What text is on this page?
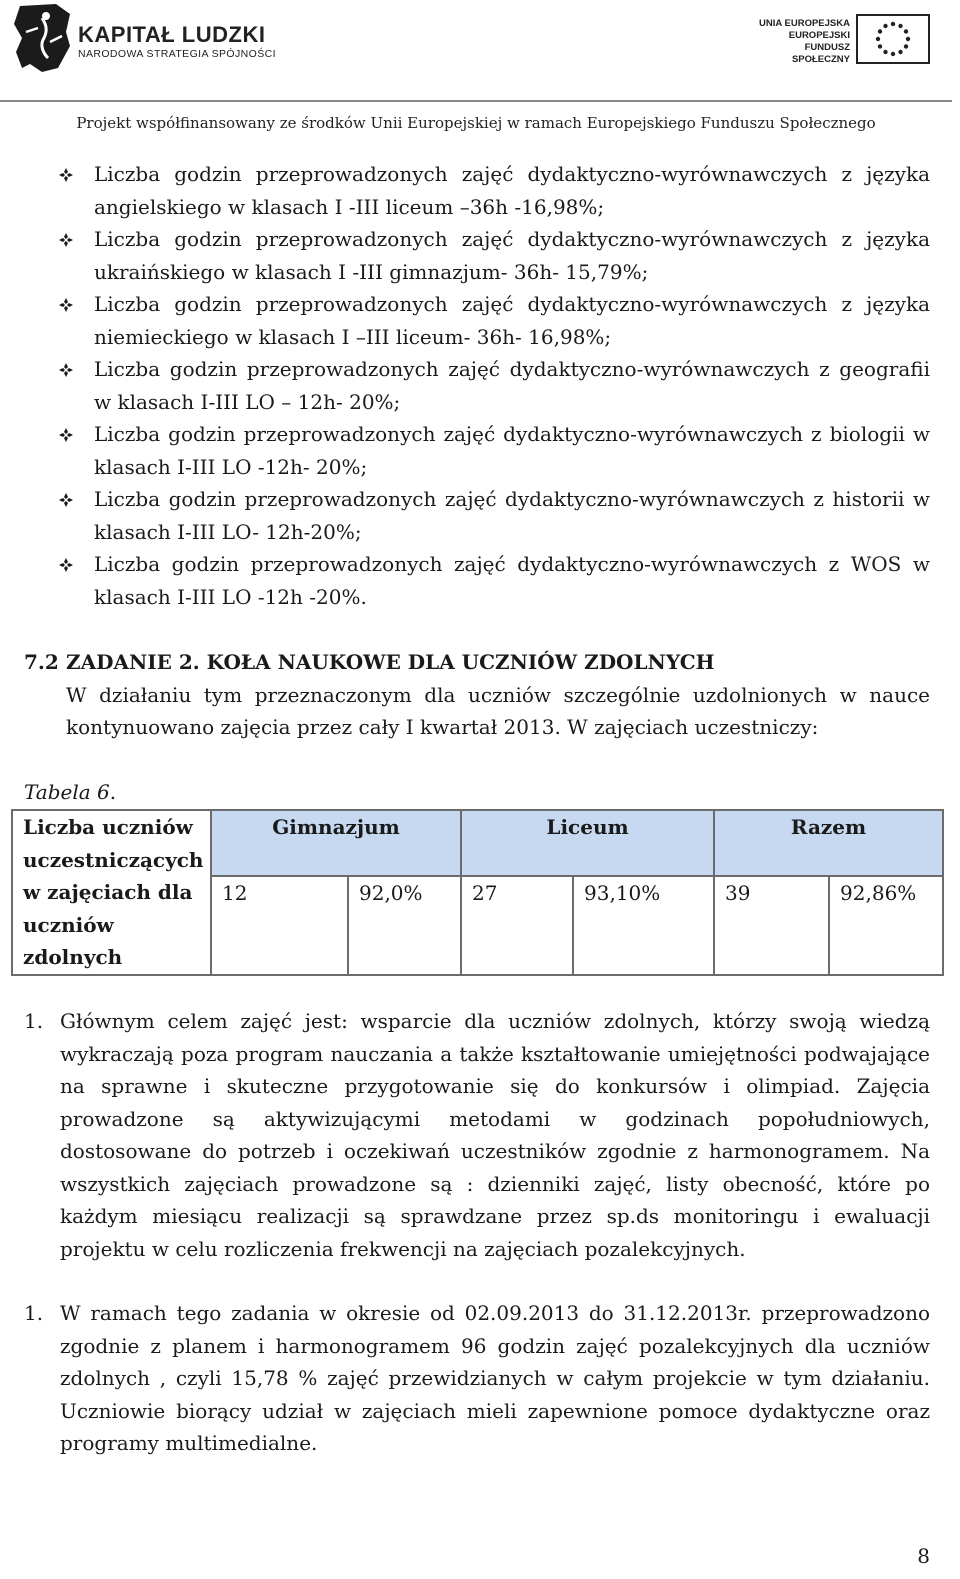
KAPITAŁ LUDZKI
NARODOWA STRATEGIA SPÓJNOŚCI
UNIA EUROPEJSKA
EUROPEJSKI
FUNDUSZ SPOŁECZNY
Projekt współfinansowany ze środków Unii Europejskiej w ramach Europejskiego Funduszu Społecznego
Liczba godzin przeprowadzonych zajęć dydaktyczno-wyrównawczych z języka angielskiego w klasach I -III liceum –36h -16,98%;
Liczba godzin przeprowadzonych zajęć dydaktyczno-wyrównawczych z języka ukraińskiego w klasach I -III gimnazjum- 36h- 15,79%;
Liczba godzin przeprowadzonych zajęć dydaktyczno-wyrównawczych z języka niemieckiego w klasach I –III liceum- 36h- 16,98%;
Liczba godzin przeprowadzonych zajęć dydaktyczno-wyrównawczych z geografii w klasach I-III LO – 12h- 20%;
Liczba godzin przeprowadzonych zajęć dydaktyczno-wyrównawczych z biologii w klasach I-III LO -12h- 20%;
Liczba godzin przeprowadzonych zajęć dydaktyczno-wyrównawczych z historii w klasach I-III LO- 12h-20%;
Liczba godzin przeprowadzonych zajęć dydaktyczno-wyrównawczych z WOS w klasach I-III LO -12h -20%.
7.2 ZADANIE 2. KOŁA NAUKOWE DLA UCZNIÓW ZDOLNYCH
W działaniu tym przeznaczonym dla uczniów szczególnie uzdolnionych w nauce kontynuowano zajęcia przez cały I kwartał 2013. W zajęciach uczestniczy:
Tabela 6.
Liczba uczniów uczestniczących w zajęciach dla uczniów zdolnych	Gimnazjum		Liceum		Razem	
	12	92,0%	27	93,10%	39	92,86%
1. Głównym celem zajęć jest: wsparcie dla uczniów zdolnych, którzy swoją wiedzą wykraczają poza program nauczania a także kształtowanie umiejętności podwajające na sprawne i skuteczne przygotowanie się do konkursów i olimpiad. Zajęcia prowadzone są aktywizującymi metodami w godzinach popołudniowych, dostosowane do potrzeb i oczekiwań uczestników zgodnie z harmonogramem. Na wszystkich zajęciach prowadzone są : dzienniki zajęć, listy obecność, które po każdym miesiącu realizacji są sprawdzane przez sp.ds monitoringu i ewaluacji projektu w celu rozliczenia frekwencji na zajęciach pozalekcyjnych.
1. W ramach tego zadania w okresie od 02.09.2013 do 31.12.2013r. przeprowadzono zgodnie z planem i harmonogramem 96 godzin zajęć pozalekcyjnych dla uczniów zdolnych , czyli 15,78 % zajęć przewidzianych w całym projekcie w tym działaniu. Uczniowie biorący udział w zajęciach mieli zapewnione pomoce dydaktyczne oraz programy multimedialne.
8
